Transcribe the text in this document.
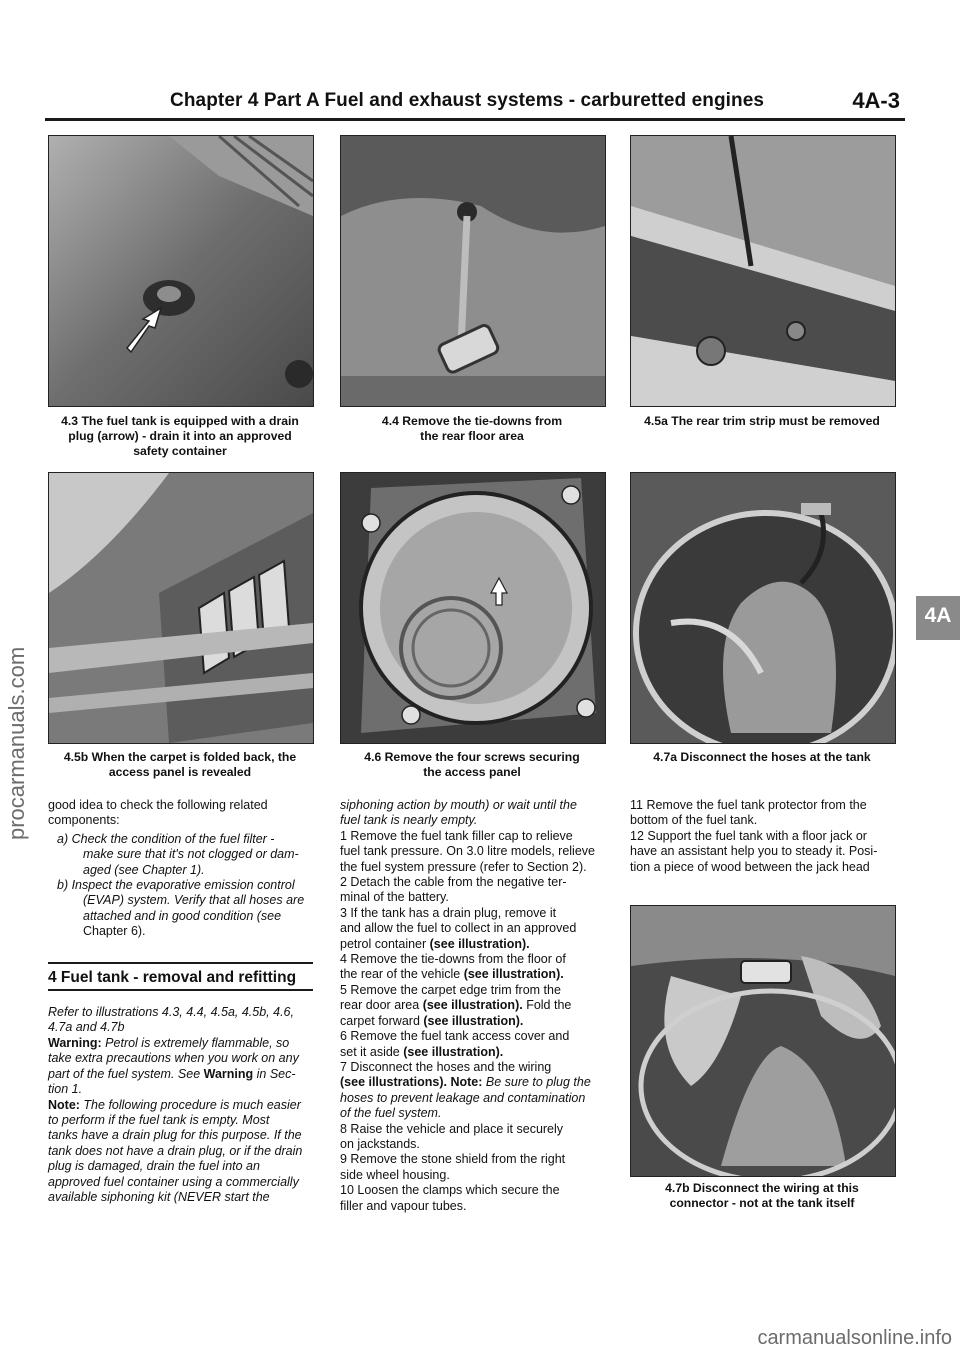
Chapter 4 Part A Fuel and exhaust systems - carburetted engines	4A-3
4.3 The fuel tank is equipped with a drain
plug (arrow) - drain it into an approved
safety container
4.4 Remove the tie-downs from
the rear floor area
4.5a The rear trim strip must be removed
4.5b When the carpet is folded back, the
access panel is revealed
4.6 Remove the four screws securing
the access panel
4.7a Disconnect the hoses at the tank
4.7b Disconnect the wiring at this
connector - not at the tank itself
4A
procarmanuals.com
carmanualsonline.info

good idea to check the following related

components:

a) Check the condition of the fuel filter -
make sure that it's not clogged or dam-
aged (see Chapter 1).

b) Inspect the evaporative emission control
(EVAP) system. Verify that all hoses are
attached and in good condition (see
Chapter 6).

4 Fuel tank - removal and refitting

Refer to illustrations 4.3, 4.4, 4.5a, 4.5b, 4.6,

4.7a and 4.7b

Warning: Petrol is extremely flammable, so
take extra precautions when you work on any
part of the fuel system. See Warning in Sec-
tion 1.

Note: The following procedure is much easier
to perform if the fuel tank is empty. Most
tanks have a drain plug for this purpose. If the
tank does not have a drain plug, or if the drain
plug is damaged, drain the fuel into an
approved fuel container using a commercially
available siphoning kit (NEVER start the

siphoning action by mouth) or wait until the

fuel tank is nearly empty.

1 Remove the fuel tank filler cap to relieve

fuel tank pressure. On 3.0 litre models, relieve

the fuel system pressure (refer to Section 2).

2 Detach the cable from the negative ter-

minal of the battery.

3 If the tank has a drain plug, remove it

and allow the fuel to collect in an approved

petrol container (see illustration).

4 Remove the tie-downs from the floor of

the rear of the vehicle (see illustration).

5 Remove the carpet edge trim from the

rear door area (see illustration). Fold the

carpet forward (see illustration).

6 Remove the fuel tank access cover and

set it aside (see illustration).

7 Disconnect the hoses and the wiring

(see illustrations). Note: Be sure to plug the

hoses to prevent leakage and contamination

of the fuel system.

8 Raise the vehicle and place it securely

on jackstands.

9 Remove the stone shield from the right

side wheel housing.

10 Loosen the clamps which secure the

filler and vapour tubes.

11 Remove the fuel tank protector from the

bottom of the fuel tank.

12 Support the fuel tank with a floor jack or

have an assistant help you to steady it. Posi-

tion a piece of wood between the jack head
